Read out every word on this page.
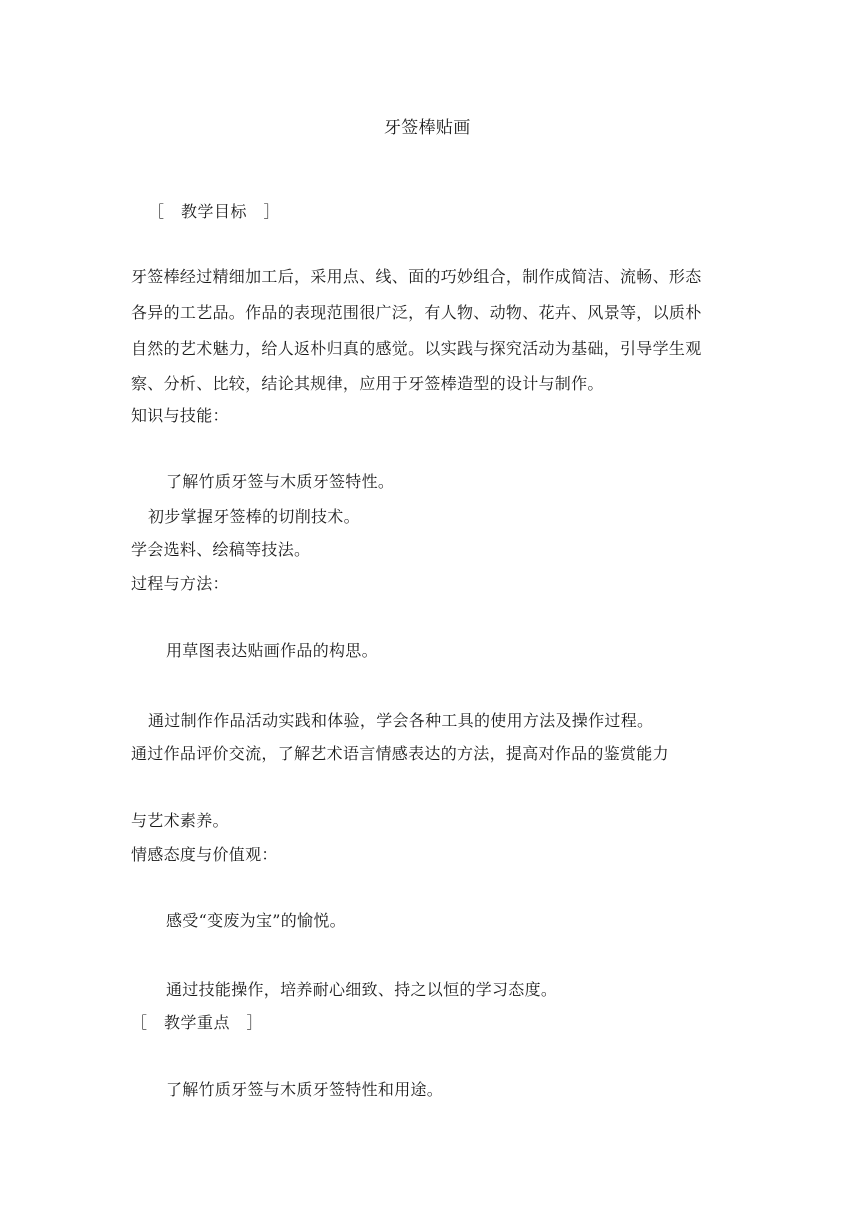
牙签棒贴画
［　教学目标　］
牙签棒经过精细加工后，采用点、线、面的巧妙组合，制作成简洁、流畅、形态
各异的工艺品。作品的表现范围很广泛，有人物、动物、花卉、风景等，以质朴
自然的艺术魅力，给人返朴归真的感觉。以实践与探究活动为基础，引导学生观
察、分析、比较，结论其规律，应用于牙签棒造型的设计与制作。
知识与技能：
了解竹质牙签与木质牙签特性。
初步掌握牙签棒的切削技术。
学会选料、绘稿等技法。
过程与方法：
用草图表达贴画作品的构思。
通过制作作品活动实践和体验，学会各种工具的使用方法及操作过程。
通过作品评价交流，了解艺术语言情感表达的方法，提高对作品的鉴赏能力
与艺术素养。
情感态度与价值观：
感受“变废为宝”的愉悦。
通过技能操作，培养耐心细致、持之以恒的学习态度。
［　教学重点　］
了解竹质牙签与木质牙签特性和用途。
